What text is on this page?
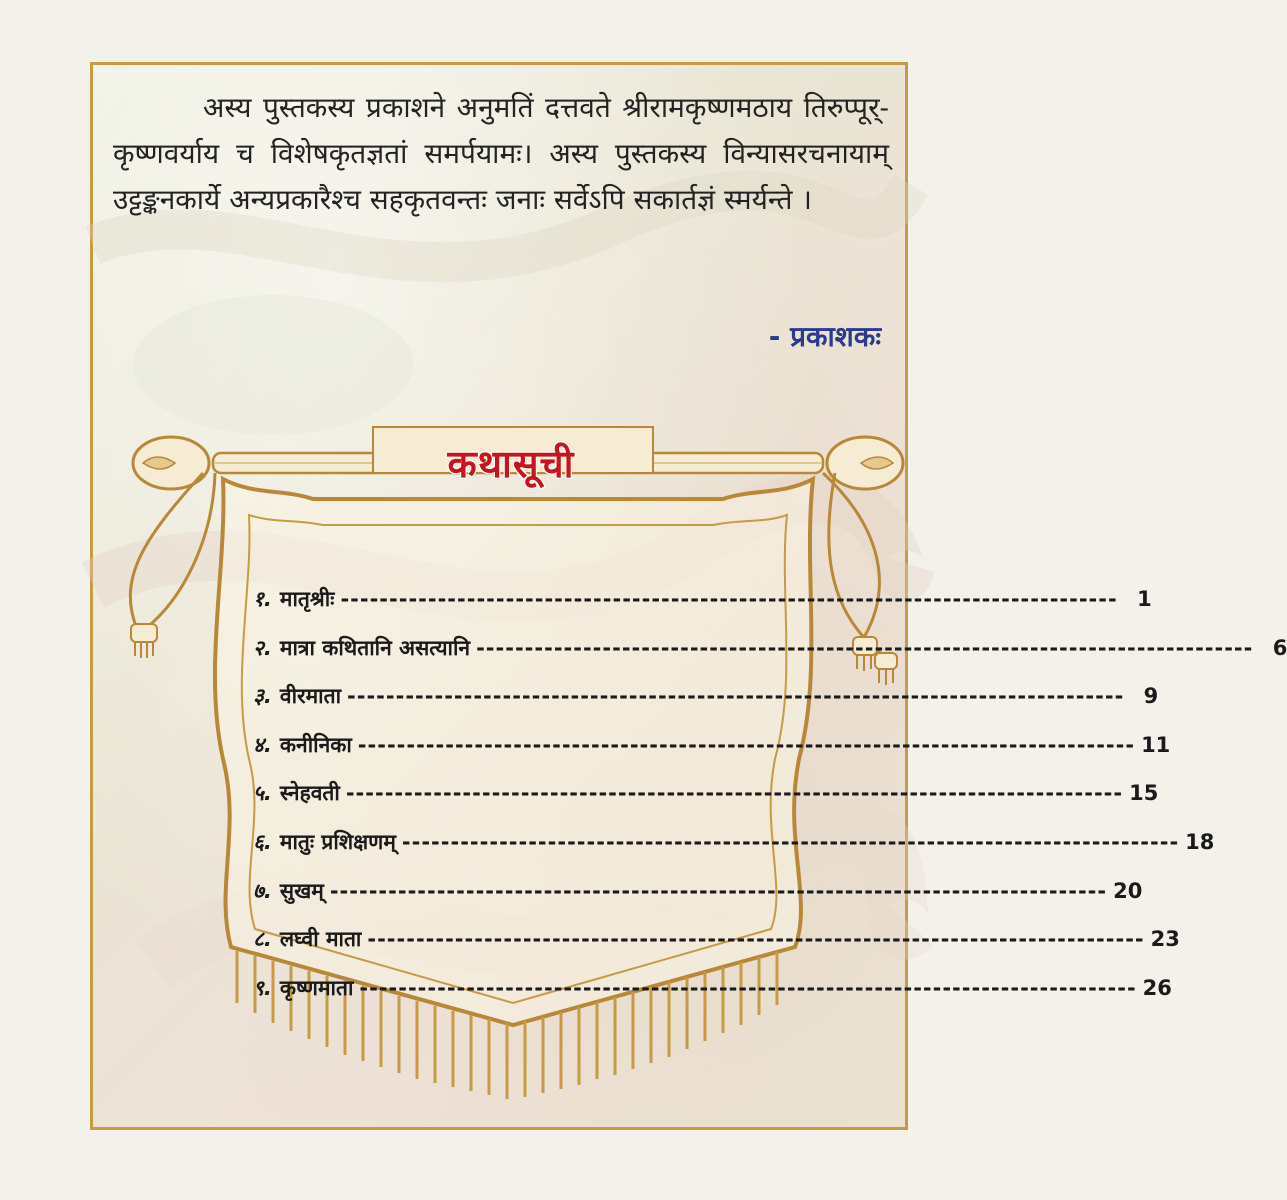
अस्य पुस्तकस्य प्रकाशने अनुमतिं दत्तवते श्रीरामकृष्णमठाय तिरुप्पूर्-कृष्णवर्याय च विशेषकृतज्ञतां समर्पयामः। अस्य पुस्तकस्य विन्यासरचनायाम् उट्टङ्कनकार्ये अन्यप्रकारैश्च सहकृतवन्तः जनाः सर्वेऽपि सकार्तज्ञं स्मर्यन्ते ।

- प्रकाशकः
कथासूची
१. मातृश्रीः -------------------------------------------------------------------------------- 1
२. मात्रा कथितानि असत्यानि -------------------------------------------------------------------------------- 6
३. वीरमाता -------------------------------------------------------------------------------- 9
४. कनीनिका -------------------------------------------------------------------------------- 11
५. स्नेहवती -------------------------------------------------------------------------------- 15
६. मातुः प्रशिक्षणम् -------------------------------------------------------------------------------- 18
७. सुखम् -------------------------------------------------------------------------------- 20
८. लघ्वी माता -------------------------------------------------------------------------------- 23
९. कृष्णमाता -------------------------------------------------------------------------------- 26
